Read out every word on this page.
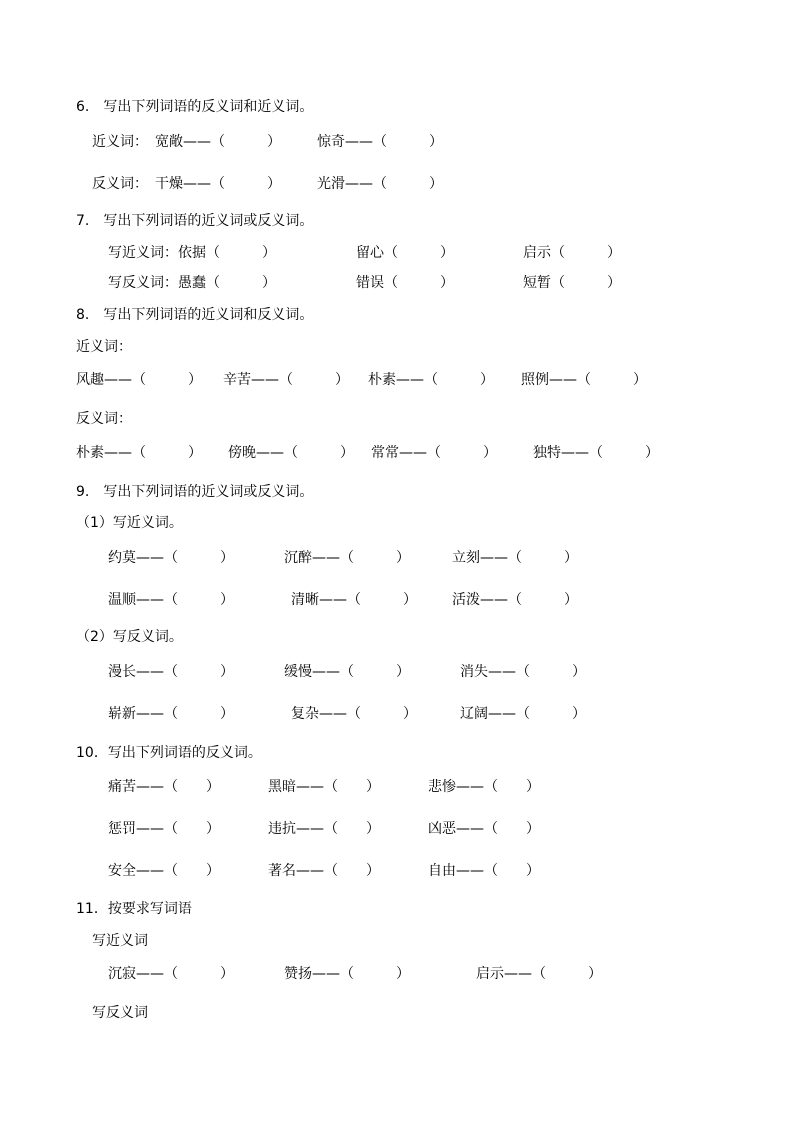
6.　写出下列词语的反义词和近义词。
近义词： 宽敞——（　　　）	惊奇——（　　　）
反义词： 干燥——（　　　）	光滑——（　　　）
7.　写出下列词语的近义词或反义词。
写近义词：依据（　　　）	留心（　　　）	启示（　　　）
写反义词：愚蠢（　　　）	错误（　　　）	短暂（　　　）
8.　写出下列词语的近义词和反义词。
近义词：
风趣——（　　　） 辛苦——（　　　） 朴素——（　　　） 照例——（　　　）
反义词：
朴素——（　　　） 傍晚——（　　　） 常常——（　　　）	独特——（　　　）
9.　写出下列词语的近义词或反义词。
（1）写近义词。
约莫——（　　　）	沉醉——（　　　）	立刻——（　　　）
温顺——（　　　）	清晰——（　　　）	活泼——（　　　）
（2）写反义词。
漫长——（　　　）	缓慢——（　　　）	消失——（　　　）
崭新——（　　　）	复杂——（　　　）	辽阔——（　　　）
10．写出下列词语的反义词。
痛苦——（　　）	黑暗——（　　）	悲惨——（　　）
惩罚——（　　）	违抗——（　　）	凶恶——（　　）
安全——（　　）	著名——（　　）	自由——（　　）
11．按要求写词语
写近义词
沉寂——（　　　）	赞扬——（　　　）	启示——（　　　）
写反义词
